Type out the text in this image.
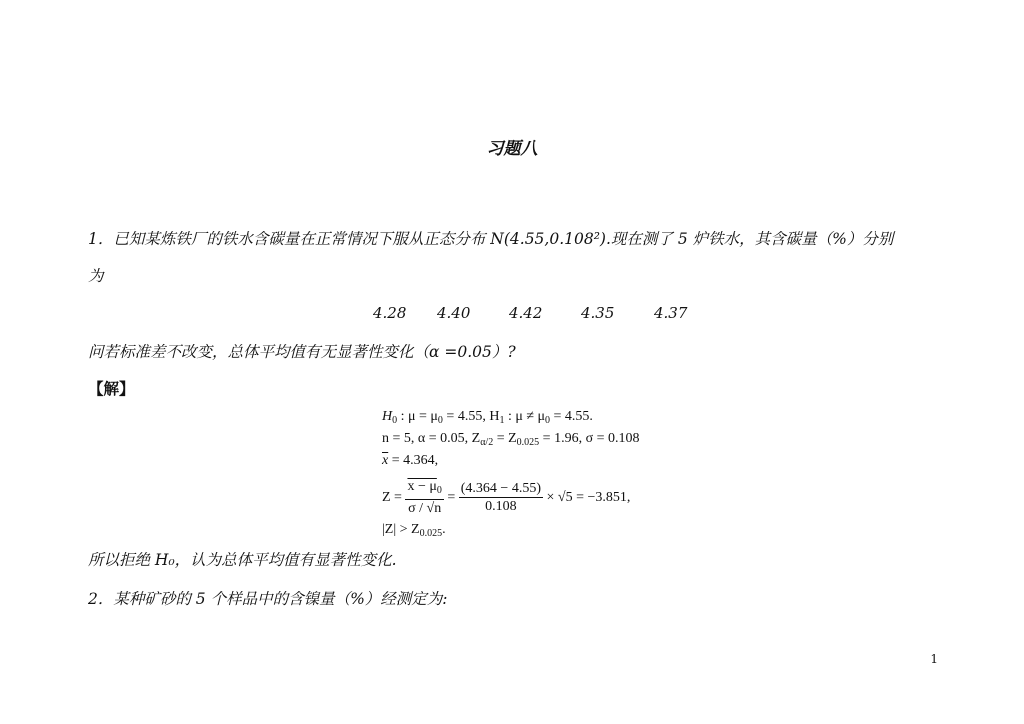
习题八
1．已知某炼铁厂的铁水含碳量在正常情况下服从正态分布 N(4.55,0.108²).现在测了 5 炉铁水，其含碳量（%）分别
为
4.28 4.40	4.42	4.35	4.37
问若标准差不改变，总体平均值有无显著性变化（α =0.05）?
【解】
$H_0$ : $\mu = \mu_0 = 4.55$, $H_1$ : $\mu \ne \mu_0 = 4.55$.
n = 5, α = 0.05, $Z_{\alpha/2} = Z_{0.025} = 1.96$, σ = 0.108
$\overline{x} = 4.364$,
$Z = \frac{x - \mu_0}{\sigma / √n} = \frac{(4.364 - 4.55)}{0.108} \times √5 = -3.851$,
$|Z| > Z_{0.025}$.
所以拒绝 H₀，认为总体平均值有显著性变化.
2．某种矿砂的 5 个样品中的含镍量（%）经测定为:
1
